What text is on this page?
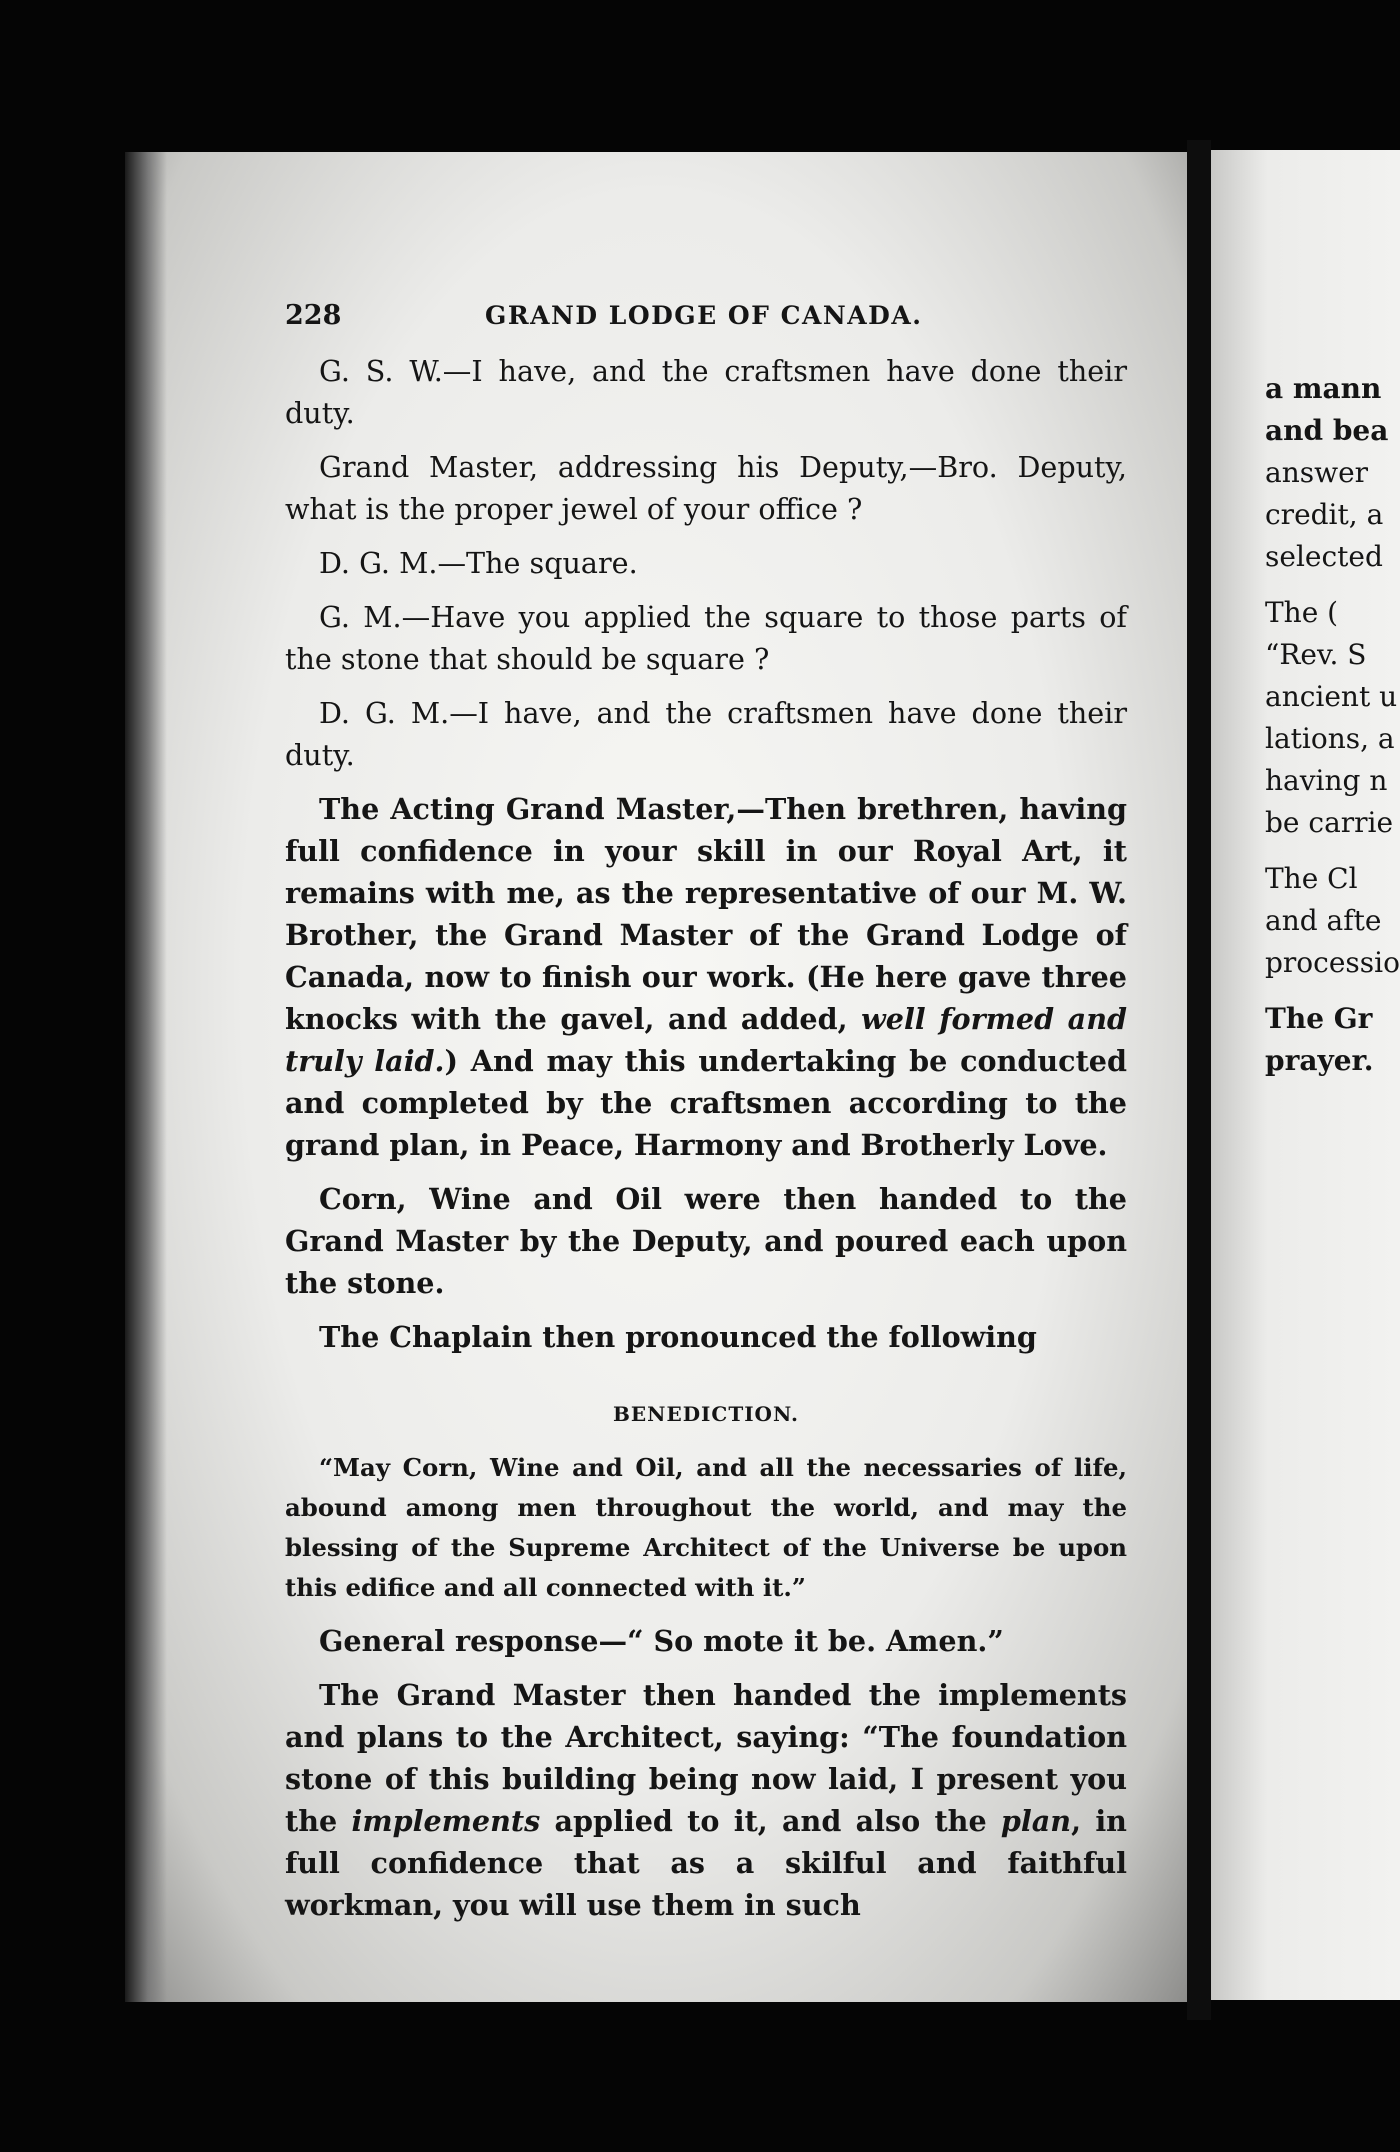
a mann
and bea
answer
credit, a
selected
The (
“Rev. S
ancient u
lations, a
having n
be carrie
The Cl
and afte
processio
The Gr
prayer.
228	GRAND LODGE OF CANADA.

G. S. W.—I have, and the craftsmen have done their duty.

Grand Master, addressing his Deputy,—Bro. Deputy, what is the proper jewel of your office ?

D. G. M.—The square.

G. M.—Have you applied the square to those parts of the stone that should be square ?

D. G. M.—I have, and the craftsmen have done their duty.

The Acting Grand Master,—Then brethren, having full confidence in your skill in our Royal Art, it remains with me, as the representative of our M. W. Brother, the Grand Master of the Grand Lodge of Canada, now to finish our work. (He here gave three knocks with the gavel, and added, well formed and truly laid.) And may this undertaking be conducted and completed by the craftsmen according to the grand plan, in Peace, Harmony and Brotherly Love.

Corn, Wine and Oil were then handed to the Grand Master by the Deputy, and poured each upon the stone.

The Chaplain then pronounced the following

BENEDICTION.

“May Corn, Wine and Oil, and all the necessaries of life, abound among men throughout the world, and may the blessing of the Supreme Architect of the Universe be upon this edifice and all connected with it.”

General response—“ So mote it be. Amen.”

The Grand Master then handed the implements and plans to the Architect, saying: “The foundation stone of this building being now laid, I present you the implements applied to it, and also the plan, in full confidence that as a skilful and faithful workman, you will use them in such
